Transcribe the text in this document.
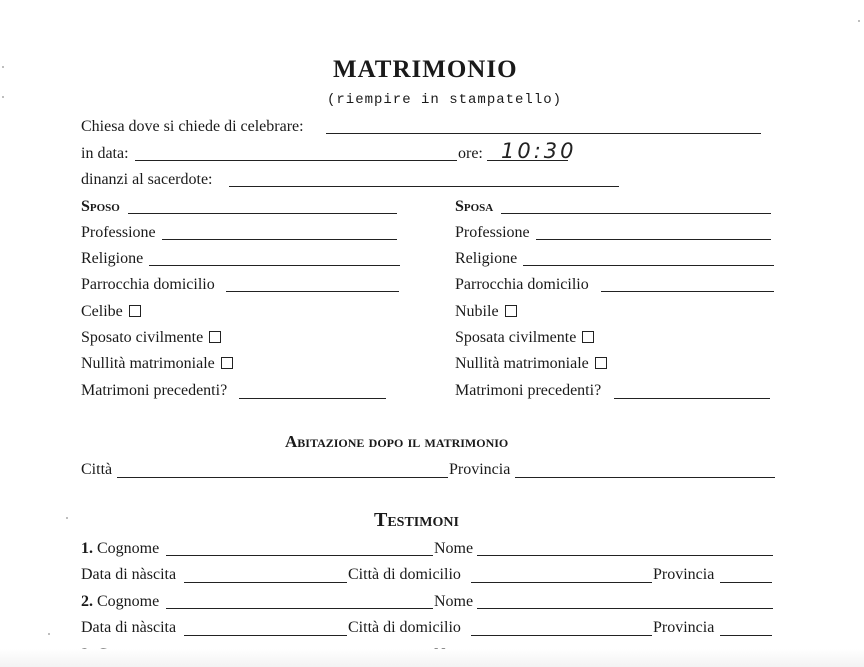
MATRIMONIO
(riempire in stampatello)
Chiesa dove si chiede di celebrare:
in data:	ore: 10:30
dinanzi al sacerdote:
Sposo
Professione
Religione
Parrocchia domicilio
Celibe
Sposato civilmente
Nullità matrimoniale
Matrimoni precedenti?
Sposa
Professione
Religione
Parrocchia domicilio
Nubile
Sposata civilmente
Nullità matrimoniale
Matrimoni precedenti?
Abitazione dopo il matrimonio
Città	Provincia
Testimoni
1. Cognome	Nome
Data di nàscita	Città di domicilio	Provincia
2. Cognome	Nome
Data di nàscita	Città di domicilio	Provincia
